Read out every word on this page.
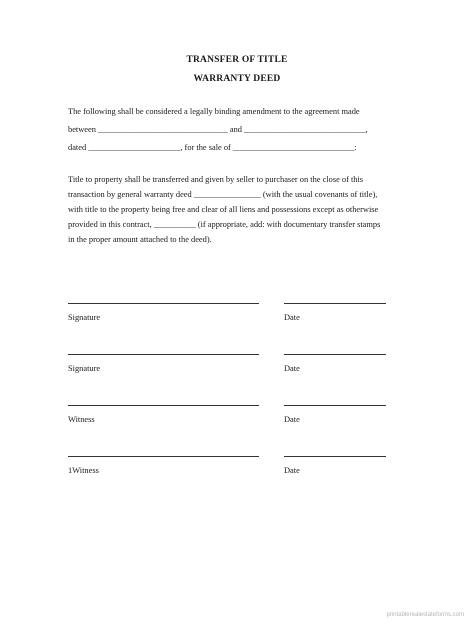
TRANSFER OF TITLE
WARRANTY DEED
The following shall be considered a legally binding amendment to the agreement made
between _______________________________ and _____________________________,
dated ______________________, for the sale of _____________________________:
Title to property shall be transferred and given by seller to purchaser on the close of this
transaction by general warranty deed ________________ (with the usual covenants of title),
with title to the property being free and clear of all liens and possessions except as otherwise
provided in this contract, __________ (if appropriate, add: with documentary transfer stamps
in the proper amount attached to the deed).
Signature	Date
Signature	Date
Witness	Date
1Witness	Date
printablerealestateforms.com
